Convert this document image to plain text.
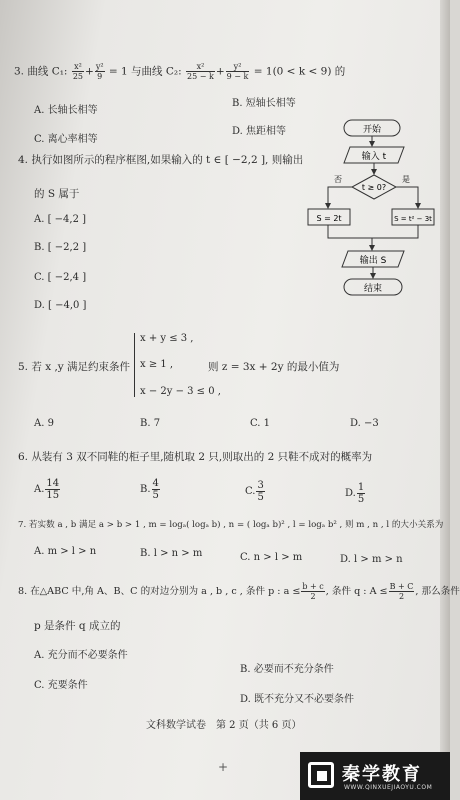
3. 曲线 C₁: $\frac{\text{x²}}{25} + \frac{\text{y²}}{9} = 1$ 与曲线 C₂: $\frac{\text{x²}}{25 - k} + \frac{\text{y²}}{9 - k} = 1(0 < k < 9)$ 的
A. 长轴长相等
B. 短轴长相等
C. 离心率相等
D. 焦距相等
4. 执行如图所示的程序框图,如果输入的 t ∈ [ −2,2 ], 则输出
的 S 属于
A. [ −4,2 ]
B. [ −2,2 ]
C. [ −2,4 ]
D. [ −4,0 ]
开始
输入 t
t ≥ 0?
否	是
S = 2t	S = t² − 3t
输出 S
结束
5. 若 x ,y 满足约束条件
x + y ≤ 3 ,
x ≥ 1 ,
x − 2y − 3 ≤ 0 ,
则 z = 3x + 2y 的最小值为
A. 9	B. 7	C. 1	D. −3
6. 从装有 3 双不同鞋的柜子里,随机取 2 只,则取出的 2 只鞋不成对的概率为
A. $\frac{14}{15}$	B. $\frac{4}{5}$	C. $\frac{3}{5}$	D. $\frac{1}{5}$
7. 若实数 a , b 满足 a > b > 1 , m = logₐ( logₐ b) , n = ( logₐ b)² , l = logₐ b² , 则 m , n , l 的大小关系为
A. m > l > n	B. l > n > m	C. n > l > m	D. l > m > n
8. 在△ABC 中,角 A、B、C 的对边分别为 a , b , c , 条件 p : $a \le \frac{b + c}{2}$ , 条件 q : $A \le \frac{B + C}{2}$ , 那么条件
p 是条件 q 成立的
A. 充分而不必要条件
B. 必要而不充分条件
C. 充要条件
D. 既不充分又不必要条件
文科数学试卷　第 2 页（共 6 页）
+	秦学教育
WWW.QINXUEJIAOYU.COM
